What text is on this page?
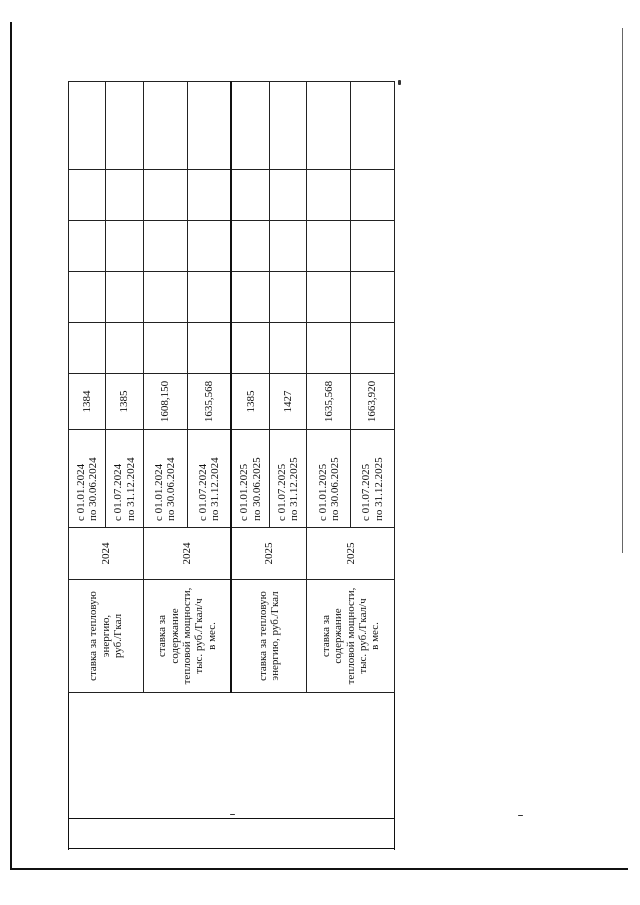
ставка за тепловую
энергию,
руб./Гкал	2024	с 01.01.2024
по 30.06.2024	1384					
		с 01.07.2024
по 31.12.2024	1385					
ставка за
содержание
тепловой мощности,
тыс. руб./Гкал/ч
в мес.	2024	с 01.01.2024
по 30.06.2024	1608,150					
		с 01.07.2024
по 31.12.2024	1635,568					
ставка за тепловую
энергию, руб./Гкал	2025	с 01.01.2025
по 30.06.2025	1385					
		с 01.07.2025
по 31.12.2025	1427					
ставка за
содержание
тепловой мощности,
тыс. руб./Гкал/ч
в мес.	2025	с 01.01.2025
по 30.06.2025	1635,568					
		с 01.07.2025
по 31.12.2025	1663,920					
